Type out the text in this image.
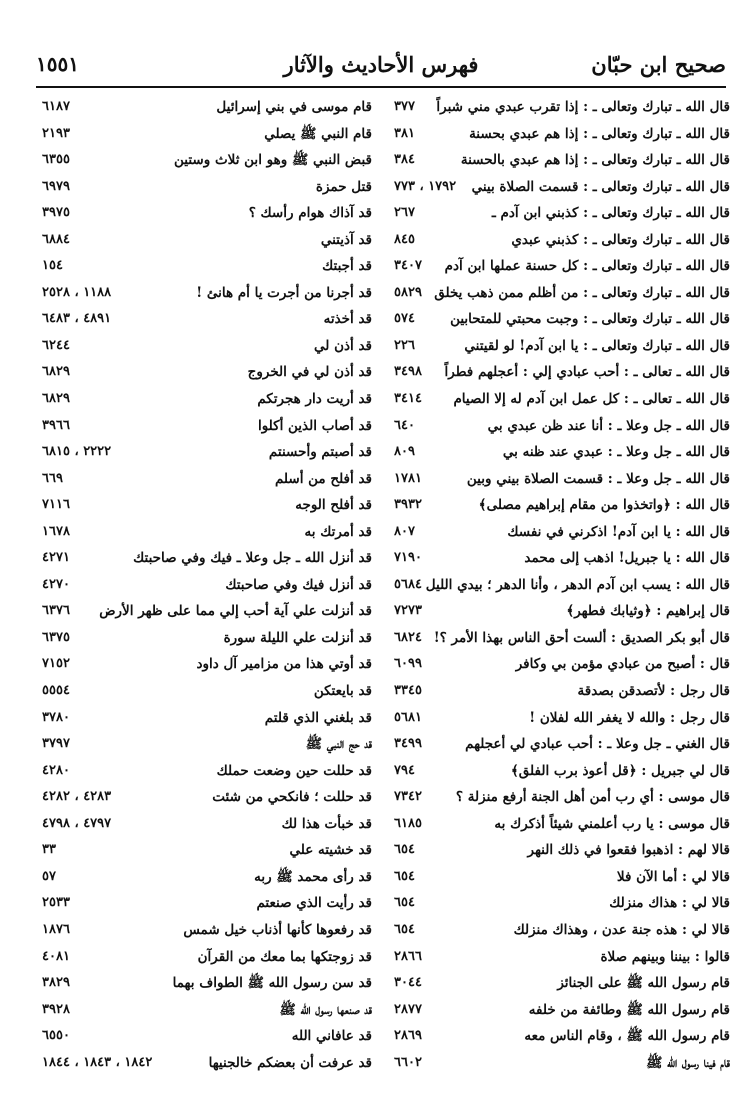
صحيح ابن حبّان
فهرس الأحاديث والآثار
١٥٥١
قال الله ـ تبارك وتعالى ـ : إذا تقرب عبدي مني شبراً
٣٧٧
قال الله ـ تبارك وتعالى ـ : إذا هم عبدي بحسنة
٣٨١
قال الله ـ تبارك وتعالى ـ : إذا هم عبدي بالحسنة
٣٨٤
قال الله ـ تبارك وتعالى ـ : قسمت الصلاة بيني
١٧٩٢ ، ٧٧٣
قال الله ـ تبارك وتعالى ـ : كذبني ابن آدم ـ
٢٦٧
قال الله ـ تبارك وتعالى ـ : كذبني عبدي
٨٤٥
قال الله ـ تبارك وتعالى ـ : كل حسنة عملها ابن آدم
٣٤٠٧
قال الله ـ تبارك وتعالى ـ : من أظلم ممن ذهب يخلق
٥٨٢٩
قال الله ـ تبارك وتعالى ـ : وجبت محبتي للمتحابين
٥٧٤
قال الله ـ تبارك وتعالى ـ : يا ابن آدم! لو لقيتني
٢٢٦
قال الله ـ تعالى ـ : أحب عبادي إلي : أعجلهم فطراً
٣٤٩٨
قال الله ـ تعالى ـ : كل عمل ابن آدم له إلا الصيام
٣٤١٤
قال الله ـ جل وعلا ـ : أنا عند ظن عبدي بي
٦٤٠
قال الله ـ جل وعلا ـ : عبدي عند ظنه بي
٨٠٩
قال الله ـ جل وعلا ـ : قسمت الصلاة بيني وبين
١٧٨١
قال الله : ﴿واتخذوا من مقام إبراهيم مصلى﴾
٣٩٣٢
قال الله : يا ابن آدم! اذكرني في نفسك
٨٠٧
قال الله : يا جبريل! اذهب إلى محمد
٧١٩٠
قال الله : يسب ابن آدم الدهر ، وأنا الدهر ؛ بيدي الليل
٥٦٨٤
قال إبراهيم : ﴿وثيابك فطهر﴾
٧٢٧٣
قال أبو بكر الصديق : ألست أحق الناس بهذا الأمر ؟!
٦٨٢٤
قال : أصبح من عبادي مؤمن بي وكافر
٦٠٩٩
قال رجل : لأتصدقن بصدقة
٣٣٤٥
قال رجل : والله لا يغفر الله لفلان !
٥٦٨١
قال الغني ـ جل وعلا ـ : أحب عبادي لي أعجلهم
٣٤٩٩
قال لي جبريل : ﴿قل أعوذ برب الفلق﴾
٧٩٤
قال موسى : أي رب أمن أهل الجنة أرفع منزلة ؟
٧٣٤٢
قال موسى : يا رب أعلمني شيئاً أذكرك به
٦١٨٥
قالا لهم : اذهبوا فقعوا في ذلك النهر
٦٥٤
قالا لي : أما الآن فلا
٦٥٤
قالا لي : هذاك منزلك
٦٥٤
قالا لي : هذه جنة عدن ، وهذاك منزلك
٦٥٤
قالوا : بيننا وبينهم صلاة
٢٨٦٦
قام رسول الله ﷺ على الجنائز
٣٠٤٤
قام رسول الله ﷺ وطائفة من خلفه
٢٨٧٧
قام رسول الله ﷺ ، وقام الناس معه
٢٨٦٩
قام فينا رسول الله ﷺ
٦٦٠٢
قام موسى في بني إسرائيل
٦١٨٧
قام النبي ﷺ يصلي
٢١٩٣
قبض النبي ﷺ وهو ابن ثلاث وستين
٦٣٥٥
قتل حمزة
٦٩٧٩
قد آذاك هوام رأسك ؟
٣٩٧٥
قد آذيتني
٦٨٨٤
قد أجبتك
١٥٤
قد أجرنا من أجرت يا أم هانئ !
١١٨٨ ، ٢٥٢٨
قد أخذته
٤٨٩١ ، ٦٤٨٣
قد أذن لي
٦٢٤٤
قد أذن لي في الخروج
٦٨٢٩
قد أريت دار هجرتكم
٦٨٢٩
قد أصاب الذين أكلوا
٣٩٦٦
قد أصبتم وأحسنتم
٢٢٢٢ ، ٦٨١٥
قد أفلح من أسلم
٦٦٩
قد أفلح الوجه
٧١١٦
قد أمرتك به
١٦٧٨
قد أنزل الله ـ جل وعلا ـ فيك وفي صاحبتك
٤٢٧١
قد أنزل فيك وفي صاحبتك
٤٢٧٠
قد أنزلت علي آية أحب إلي مما على ظهر الأرض
٦٣٧٦
قد أنزلت علي الليلة سورة
٦٣٧٥
قد أوتي هذا من مزامير آل داود
٧١٥٢
قد بايعتكن
٥٥٥٤
قد بلغني الذي قلتم
٣٧٨٠
قد حج النبي ﷺ
٣٧٩٧
قد حللت حين وضعت حملك
٤٢٨٠
قد حللت ؛ فانكحي من شئت
٤٢٨٣ ، ٤٢٨٢
قد خبأت هذا لك
٤٧٩٧ ، ٤٧٩٨
قد خشيته علي
٣٣
قد رأى محمد ﷺ ربه
٥٧
قد رأيت الذي صنعتم
٢٥٣٣
قد رفعوها كأنها أذناب خيل شمس
١٨٧٦
قد زوجتكها بما معك من القرآن
٤٠٨١
قد سن رسول الله ﷺ الطواف بهما
٣٨٢٩
قد صنعها رسول الله ﷺ
٣٩٢٨
قد عافاني الله
٦٥٥٠
قد عرفت أن بعضكم خالجنيها
١٨٤٢ ، ١٨٤٣ ، ١٨٤٤
